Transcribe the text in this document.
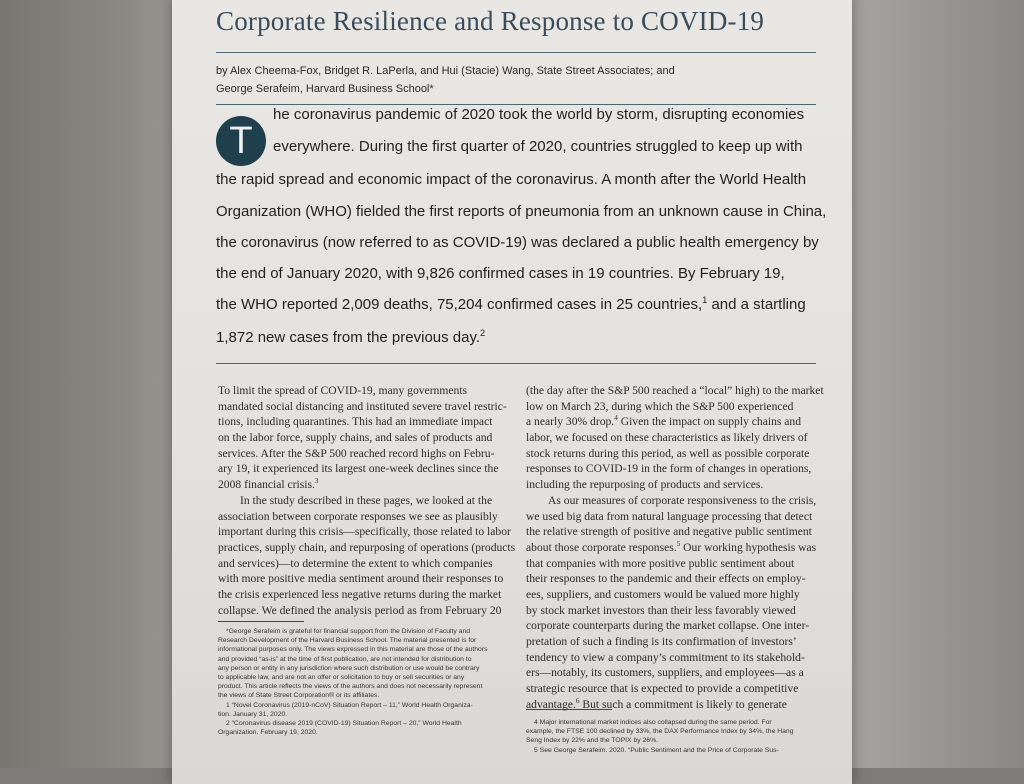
Corporate Resilience and Response to COVID-19
by Alex Cheema-Fox, Bridget R. LaPerla, and Hui (Stacie) Wang, State Street Associates; and
George Serafeim, Harvard Business School*
T
he coronavirus pandemic of 2020 took the world by storm, disrupting economies
everywhere. During the first quarter of 2020, countries struggled to keep up with
the rapid spread and economic impact of the coronavirus. A month after the World Health
Organization (WHO) fielded the first reports of pneumonia from an unknown cause in China,
the coronavirus (now referred to as COVID-19) was declared a public health emergency by
the end of January 2020, with 9,826 confirmed cases in 19 countries. By February 19,
the WHO reported 2,009 deaths, 75,204 confirmed cases in 25 countries,$^1$ and a startling
1,872 new cases from the previous day.$^2$
To limit the spread of COVID-19, many governments
mandated social distancing and instituted severe travel restric-
tions, including quarantines. This had an immediate impact
on the labor force, supply chains, and sales of products and
services. After the S&P 500 reached record highs on Febru-
ary 19, it experienced its largest one-week declines since the
2008 financial crisis.$^3$
In the study described in these pages, we looked at the
association between corporate responses we see as plausibly
important during this crisis—specifically, those related to labor
practices, supply chain, and repurposing of operations (products
and services)—to determine the extent to which companies
with more positive media sentiment around their responses to
the crisis experienced less negative returns during the market
collapse. We defined the analysis period as from February 20
(the day after the S&P 500 reached a “local” high) to the market
low on March 23, during which the S&P 500 experienced
a nearly 30% drop.$^4$ Given the impact on supply chains and
labor, we focused on these characteristics as likely drivers of
stock returns during this period, as well as possible corporate
responses to COVID-19 in the form of changes in operations,
including the repurposing of products and services.
As our measures of corporate responsiveness to the crisis,
we used big data from natural language processing that detect
the relative strength of positive and negative public sentiment
about those corporate responses.$^5$ Our working hypothesis was
that companies with more positive public sentiment about
their responses to the pandemic and their effects on employ-
ees, suppliers, and customers would be valued more highly
by stock market investors than their less favorably viewed
corporate counterparts during the market collapse. One inter-
pretation of such a finding is its confirmation of investors’
tendency to view a company’s commitment to its stakehold-
ers—notably, its customers, suppliers, and employees—as a
strategic resource that is expected to provide a competitive
advantage.$^6$ But such a commitment is likely to generate
*George Serafeim is grateful for financial support from the Division of Faculty and
Research Development of the Harvard Business School. The material presented is for
informational purposes only. The views expressed in this material are those of the authors
and provided “as-is” at the time of first publication, are not intended for distribution to
any person or entity in any jurisdiction where such distribution or use would be contrary
to applicable law, and are not an offer or solicitation to buy or sell securities or any
product. This article reflects the views of the authors and does not necessarily represent
the views of State Street Corporation® or its affiliates.
1 “Novel Coronavirus (2019-nCoV) Situation Report – 11,” World Health Organiza-
tion. January 31, 2020.
2 “Coronavirus disease 2019 (COVID-19) Situation Report – 20,” World Health
Organization. February 19, 2020.
4 Major international market indices also collapsed during the same period. For
example, the FTSE 100 declined by 33%, the DAX Performance Index by 34%, the Hang
Seng Index by 22% and the TOPIX by 26%.
5 See George Serafeim. 2020. “Public Sentiment and the Price of Corporate Sus-
